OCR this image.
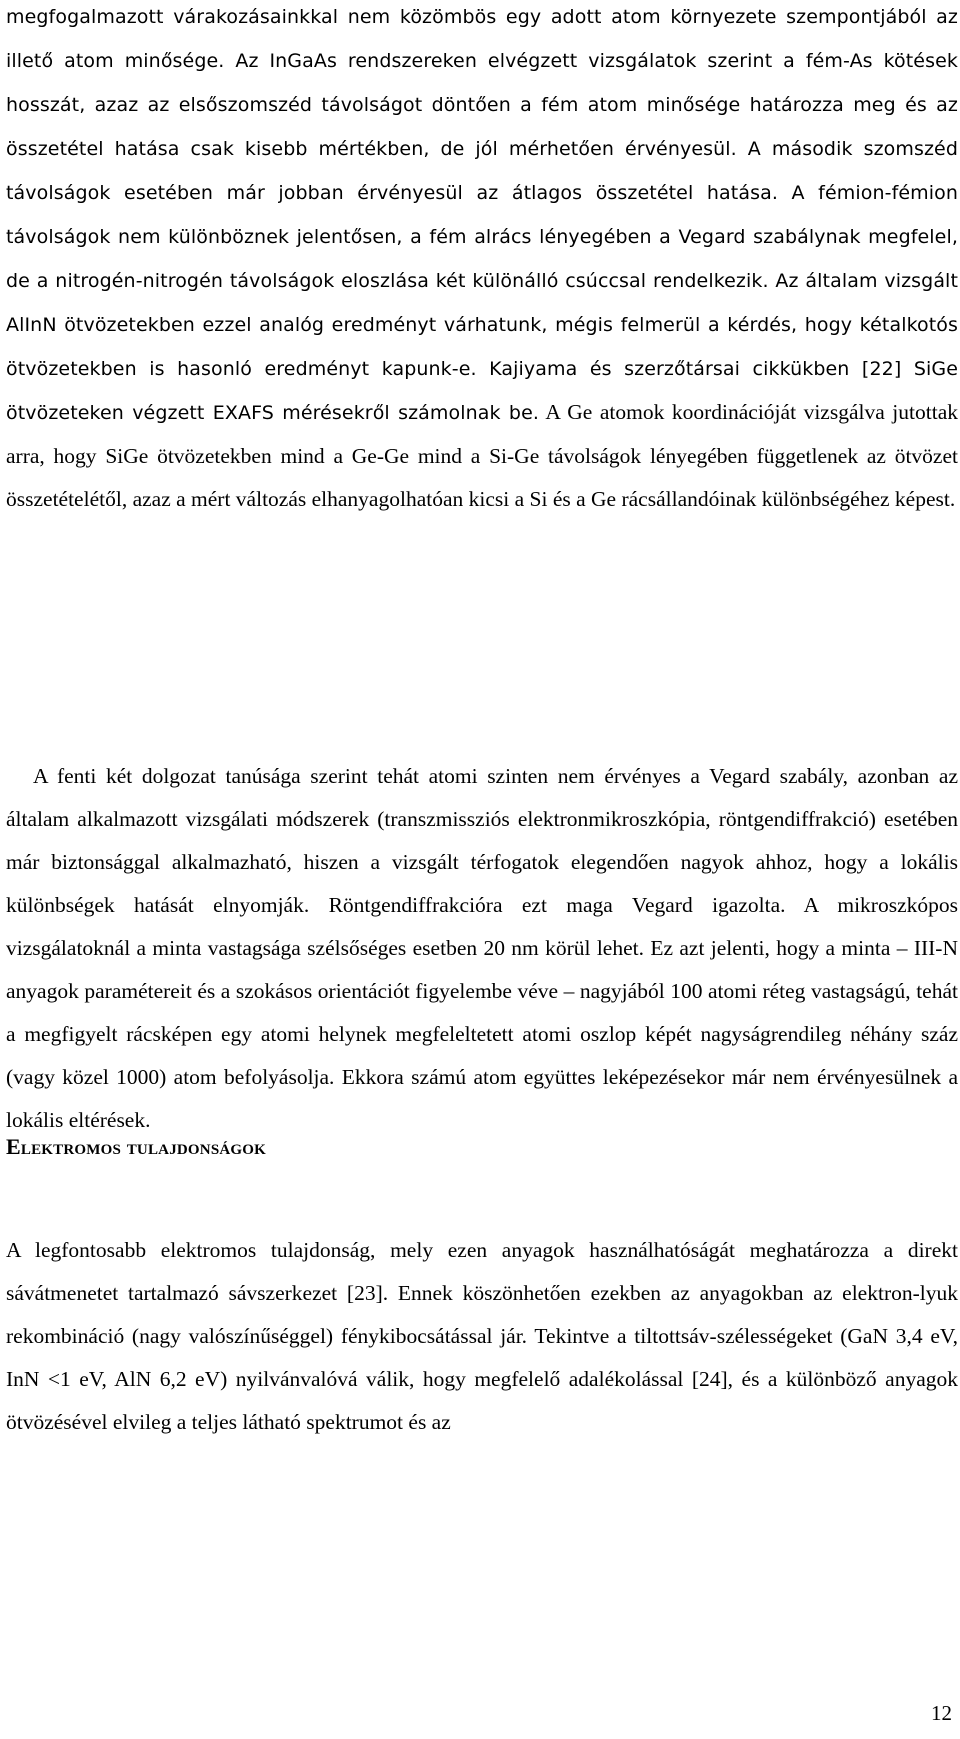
megfogalmazott várakozásainkkal nem közömbös egy adott atom környezete szempontjából az illető atom minősége. Az InGaAs rendszereken elvégzett vizsgálatok szerint a fém-As kötések hosszát, azaz az elsőszomszéd távolságot döntően a fém atom minősége határozza meg és az összetétel hatása csak kisebb mértékben, de jól mérhetően érvényesül. A második szomszéd távolságok esetében már jobban érvényesül az átlagos összetétel hatása. A fémion-fémion távolságok nem különböznek jelentősen, a fém alrács lényegében a Vegard szabálynak megfelel, de a nitrogén-nitrogén távolságok eloszlása két különálló csúccsal rendelkezik. Az általam vizsgált AlInN ötvözetekben ezzel analóg eredményt várhatunk, mégis felmerül a kérdés, hogy kétalkotós ötvözetekben is hasonló eredményt kapunk-e. Kajiyama és szerzőtársai cikkükben [22] SiGe ötvözeteken végzett EXAFS mérésekről számolnak be. A Ge atomok koordinációját vizsgálva jutottak arra, hogy SiGe ötvözetekben mind a Ge-Ge mind a Si-Ge távolságok lényegében függetlenek az ötvözet összetételétől, azaz a mért változás elhanyagolhatóan kicsi a Si és a Ge rácsállandóinak különbségéhez képest.

A fenti két dolgozat tanúsága szerint tehát atomi szinten nem érvényes a Vegard szabály, azonban az általam alkalmazott vizsgálati módszerek (transzmissziós elektronmikroszkópia, röntgendiffrakció) esetében már biztonsággal alkalmazható, hiszen a vizsgált térfogatok elegendően nagyok ahhoz, hogy a lokális különbségek hatását elnyomják. Röntgendiffrakcióra ezt maga Vegard igazolta. A mikroszkópos vizsgálatoknál a minta vastagsága szélsőséges esetben 20 nm körül lehet. Ez azt jelenti, hogy a minta – III-N anyagok paramétereit és a szokásos orientációt figyelembe véve – nagyjából 100 atomi réteg vastagságú, tehát a megfigyelt rácsképen egy atomi helynek megfeleltetett atomi oszlop képét nagyságrendileg néhány száz (vagy közel 1000) atom befolyásolja. Ekkora számú atom együttes leképezésekor már nem érvényesülnek a lokális eltérések.

Elektromos tulajdonságok

A legfontosabb elektromos tulajdonság, mely ezen anyagok használhatóságát meghatározza a direkt sávátmenetet tartalmazó sávszerkezet [23]. Ennek köszönhetően ezekben az anyagokban az elektron-lyuk rekombináció (nagy valószínűséggel) fénykibocsátással jár. Tekintve a tiltottsáv-szélességeket (GaN 3,4 eV, InN <1 eV, AlN 6,2 eV) nyilvánvalóvá válik, hogy megfelelő adalékolással [24], és a különböző anyagok ötvözésével elvileg a teljes látható spektrumot és az

12
